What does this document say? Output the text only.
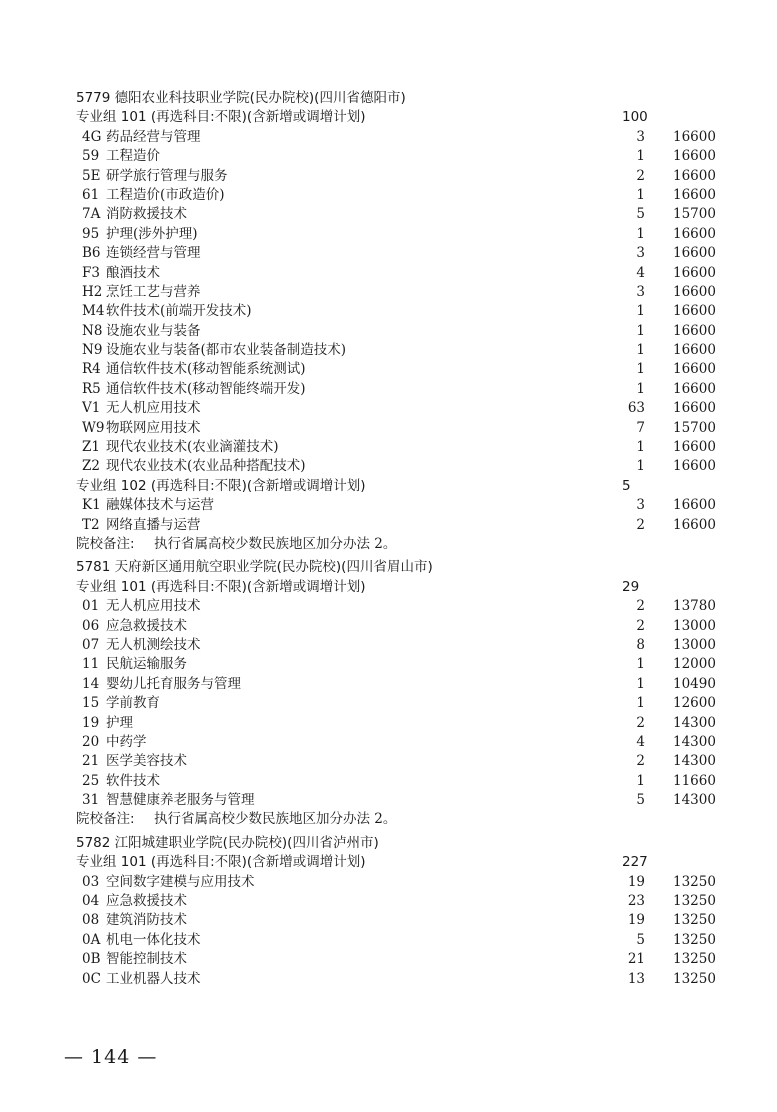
5779 德阳农业科技职业学院(民办院校)(四川省德阳市)
专业组 101 (再选科目:不限)(含新增或调增计划)	100
4G 药品经营与管理	3 16600
59 工程造价	1 16600
5E 研学旅行管理与服务	2 16600
61 工程造价(市政造价)	1 16600
7A 消防救援技术	5 15700
95 护理(涉外护理)	1 16600
B6 连锁经营与管理	3 16600
F3 酿酒技术	4 16600
H2 烹饪工艺与营养	3 16600
M4 软件技术(前端开发技术)	1 16600
N8 设施农业与装备	1 16600
N9 设施农业与装备(都市农业装备制造技术)	1 16600
R4 通信软件技术(移动智能系统测试)	1 16600
R5 通信软件技术(移动智能终端开发)	1 16600
V1 无人机应用技术	63 16600
W9 物联网应用技术	7 15700
Z1 现代农业技术(农业滴灌技术)	1 16600
Z2 现代农业技术(农业品种搭配技术)	1 16600
专业组 102 (再选科目:不限)(含新增或调增计划)	5
K1 融媒体技术与运营	3 16600
T2 网络直播与运营	2 16600
院校备注: 执行省属高校少数民族地区加分办法 2。
5781 天府新区通用航空职业学院(民办院校)(四川省眉山市)
专业组 101 (再选科目:不限)(含新增或调增计划)	29
01 无人机应用技术	2 13780
06 应急救援技术	2 13000
07 无人机测绘技术	8 13000
11 民航运输服务	1 12000
14 婴幼儿托育服务与管理	1 10490
15 学前教育	1 12600
19 护理	2 14300
20 中药学	4 14300
21 医学美容技术	2 14300
25 软件技术	1 11660
31 智慧健康养老服务与管理	5 14300
院校备注: 执行省属高校少数民族地区加分办法 2。
5782 江阳城建职业学院(民办院校)(四川省泸州市)
专业组 101 (再选科目:不限)(含新增或调增计划)	227
03 空间数字建模与应用技术	19 13250
04 应急救援技术	23 13250
08 建筑消防技术	19 13250
0A 机电一体化技术	5 13250
0B 智能控制技术	21 13250
0C 工业机器人技术	13 13250
— 144 —
